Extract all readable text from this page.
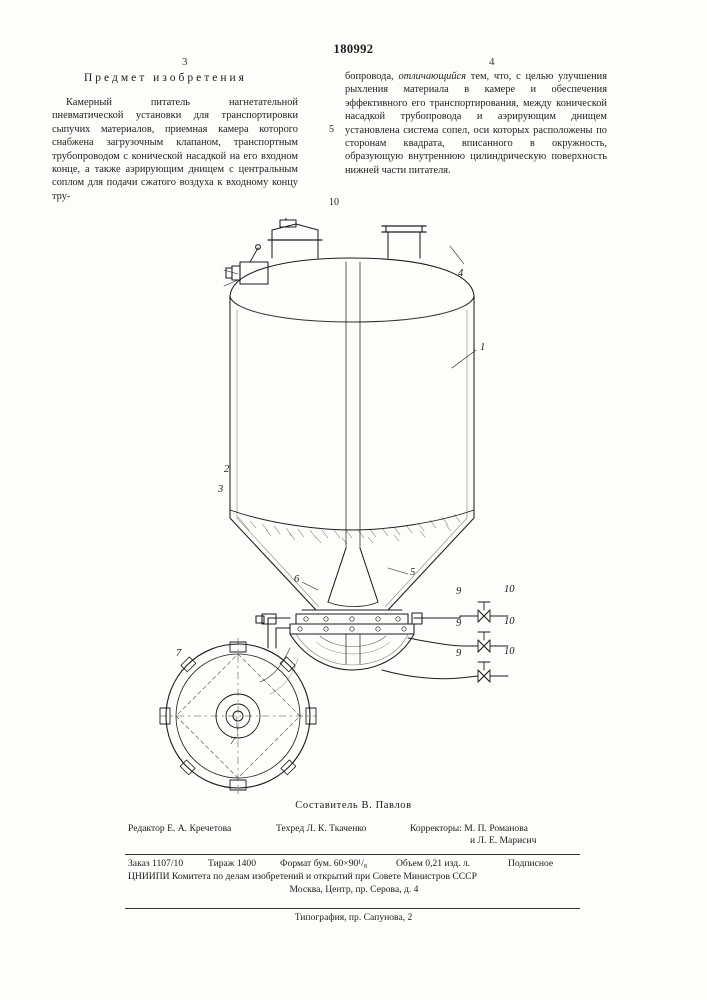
180992
3	4
Предмет изобретения

Камерный питатель нагнетательной пневматической установки для транспортировки сыпучих материалов, приемная камера которого снабжена загрузочным клапаном, транспортным трубопроводом с конической насадкой на его входном конце, а также аэрирующим днищем с центральным соплом для подачи сжатого воздуха к входному концу тру-

бопровода, отличающийся тем, что, с целью улучшения рыхления материала в камере и обеспечения эффективного его транспортирования, между конической насадкой трубопровода и аэрирующим днищем установлена система сопел, оси которых расположены по сторонам квадрата, вписанного в окружность, образующую внутреннюю цилиндрическую поверхность нижней части питателя.

5
10
2
3
4
1
5
6
7
7
9
9
9
10
10
10
Составитель В. Павлов
Редактор Е. А. Кречетова	Техред Л. К. Ткаченко	Корректоры: М. П. Романова
и Л. Е. Марисич
Заказ 1107/10	Тираж 1400 Формат бум. 60×90¹/₈	Объем 0,21 изд. л.	Подписное
ЦНИИПИ Комитета по делам изобретений и открытий при Совете Министров СССР
Москва, Центр, пр. Серова, д. 4
Типография, пр. Сапунова, 2
